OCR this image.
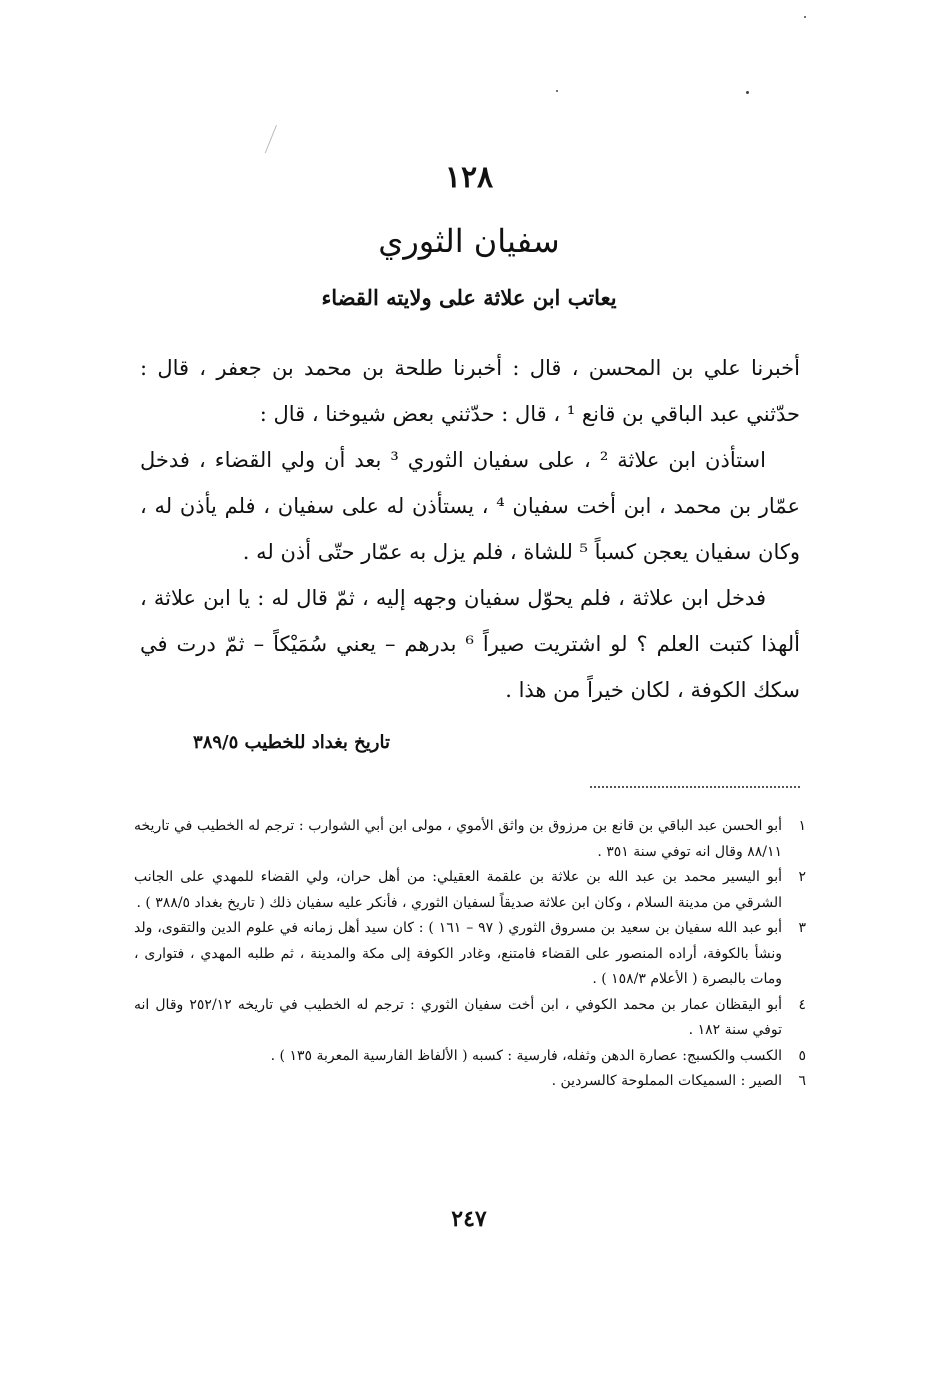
١٢٨
سفيان الثوري
يعاتب ابن علاثة على ولايته القضاء

أخبرنا علي بن المحسن ، قال : أخبرنا طلحة بن محمد بن جعفر ، قال : حدّثني عبد الباقي بن قانع ¹ ، قال : حدّثني بعض شيوخنا ، قال :

استأذن ابن علاثة ² ، على سفيان الثوري ³ بعد أن ولي القضاء ، فدخل عمّار بن محمد ، ابن أخت سفيان ⁴ ، يستأذن له على سفيان ، فلم يأذن له ، وكان سفيان يعجن كسباً ⁵ للشاة ، فلم يزل به عمّار حتّى أذن له .

فدخل ابن علاثة ، فلم يحوّل سفيان وجهه إليه ، ثمّ قال له : يا ابن علاثة ، ألهذا كتبت العلم ؟ لو اشتريت صيراً ⁶ بدرهم – يعني سُمَيْكاً – ثمّ درت في سكك الكوفة ، لكان خيراً من هذا .

تاريخ بغداد للخطيب ٣٨٩/٥
١
أبو الحسن عبد الباقي بن قانع بن مرزوق بن واثق الأموي ، مولى ابن أبي الشوارب : ترجم له الخطيب في تاريخه ٨٨/١١ وقال انه توفي سنة ٣٥١ .
٢
أبو اليسير محمد بن عبد الله بن علاثة بن علقمة العقيلي: من أهل حران، ولي القضاء للمهدي على الجانب الشرقي من مدينة السلام ، وكان ابن علاثة صديقاً لسفيان الثوري ، فأنكر عليه سفيان ذلك ( تاريخ بغداد ٣٨٨/٥ ) .
٣
أبو عبد الله سفيان بن سعيد بن مسروق الثوري ( ٩٧ – ١٦١ ) : كان سيد أهل زمانه في علوم الدين والتقوى، ولد ونشأ بالكوفة، أراده المنصور على القضاء فامتنع، وغادر الكوفة إلى مكة والمدينة ، ثم طلبه المهدي ، فتوارى ، ومات بالبصرة ( الأعلام ١٥٨/٣ ) .
٤
أبو اليقظان عمار بن محمد الكوفي ، ابن أخت سفيان الثوري : ترجم له الخطيب في تاريخه ٢٥٢/١٢ وقال انه توفي سنة ١٨٢ .
٥
الكسب والكسبج: عصارة الدهن وثفله، فارسية : كسبه ( الألفاظ الفارسية المعربة ١٣٥ ) .
٦
الصير : السميكات المملوحة كالسردين .
٢٤٧
